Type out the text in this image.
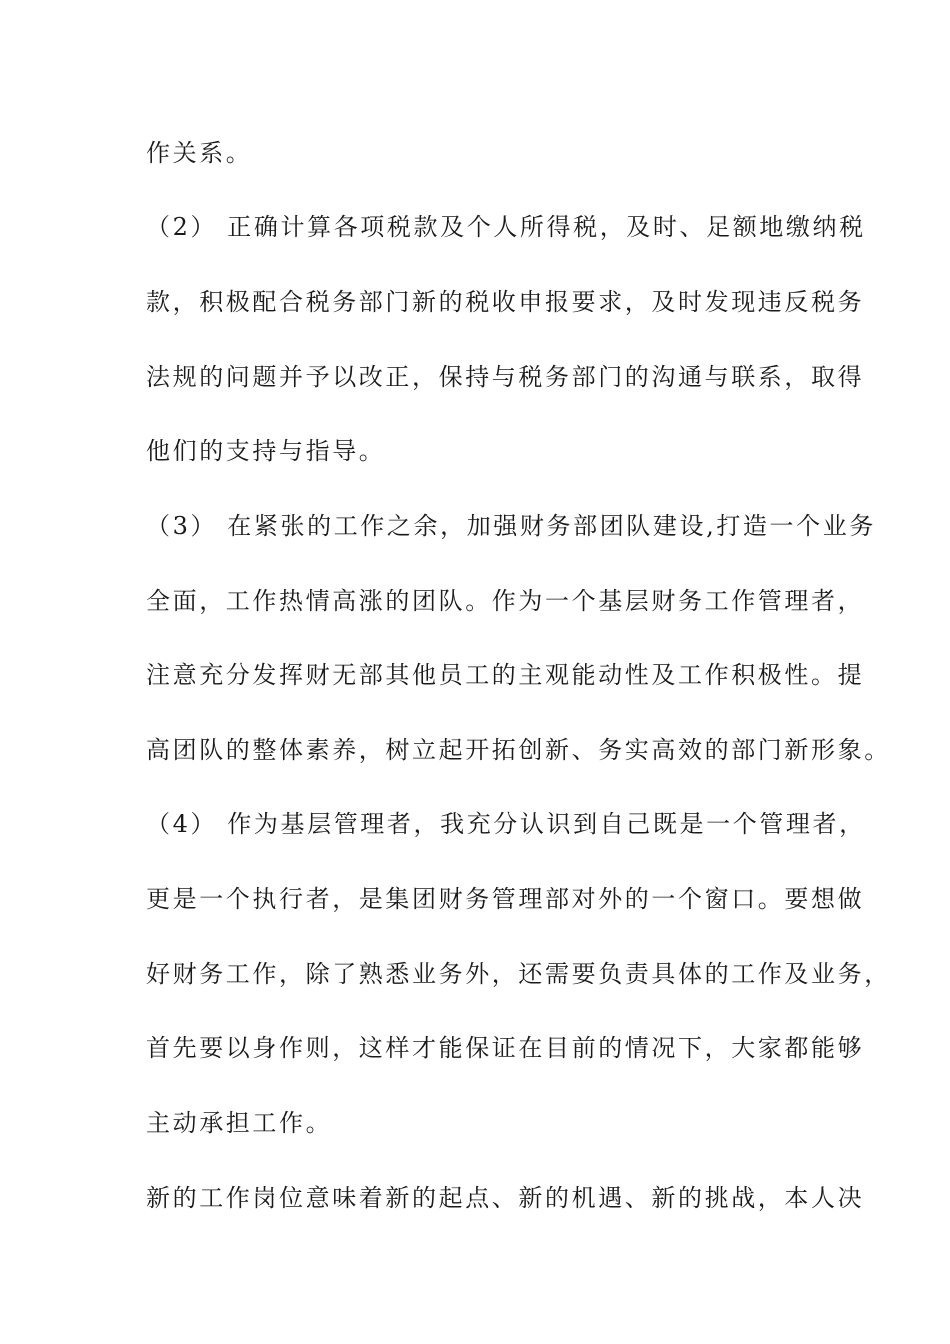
作关系。
（2） 正确计算各项税款及个人所得税，及时、足额地缴纳税
款，积极配合税务部门新的税收申报要求，及时发现违反税务
法规的问题并予以改正，保持与税务部门的沟通与联系，取得
他们的支持与指导。
（3） 在紧张的工作之余，加强财务部团队建设,打造一个业务
全面，工作热情高涨的团队。作为一个基层财务工作管理者，
注意充分发挥财无部其他员工的主观能动性及工作积极性。提
高团队的整体素养，树立起开拓创新、务实高效的部门新形象。
（4） 作为基层管理者，我充分认识到自己既是一个管理者，
更是一个执行者，是集团财务管理部对外的一个窗口。要想做
好财务工作，除了熟悉业务外，还需要负责具体的工作及业务，
首先要以身作则，这样才能保证在目前的情况下，大家都能够
主动承担工作。
新的工作岗位意味着新的起点、新的机遇、新的挑战，本人决
